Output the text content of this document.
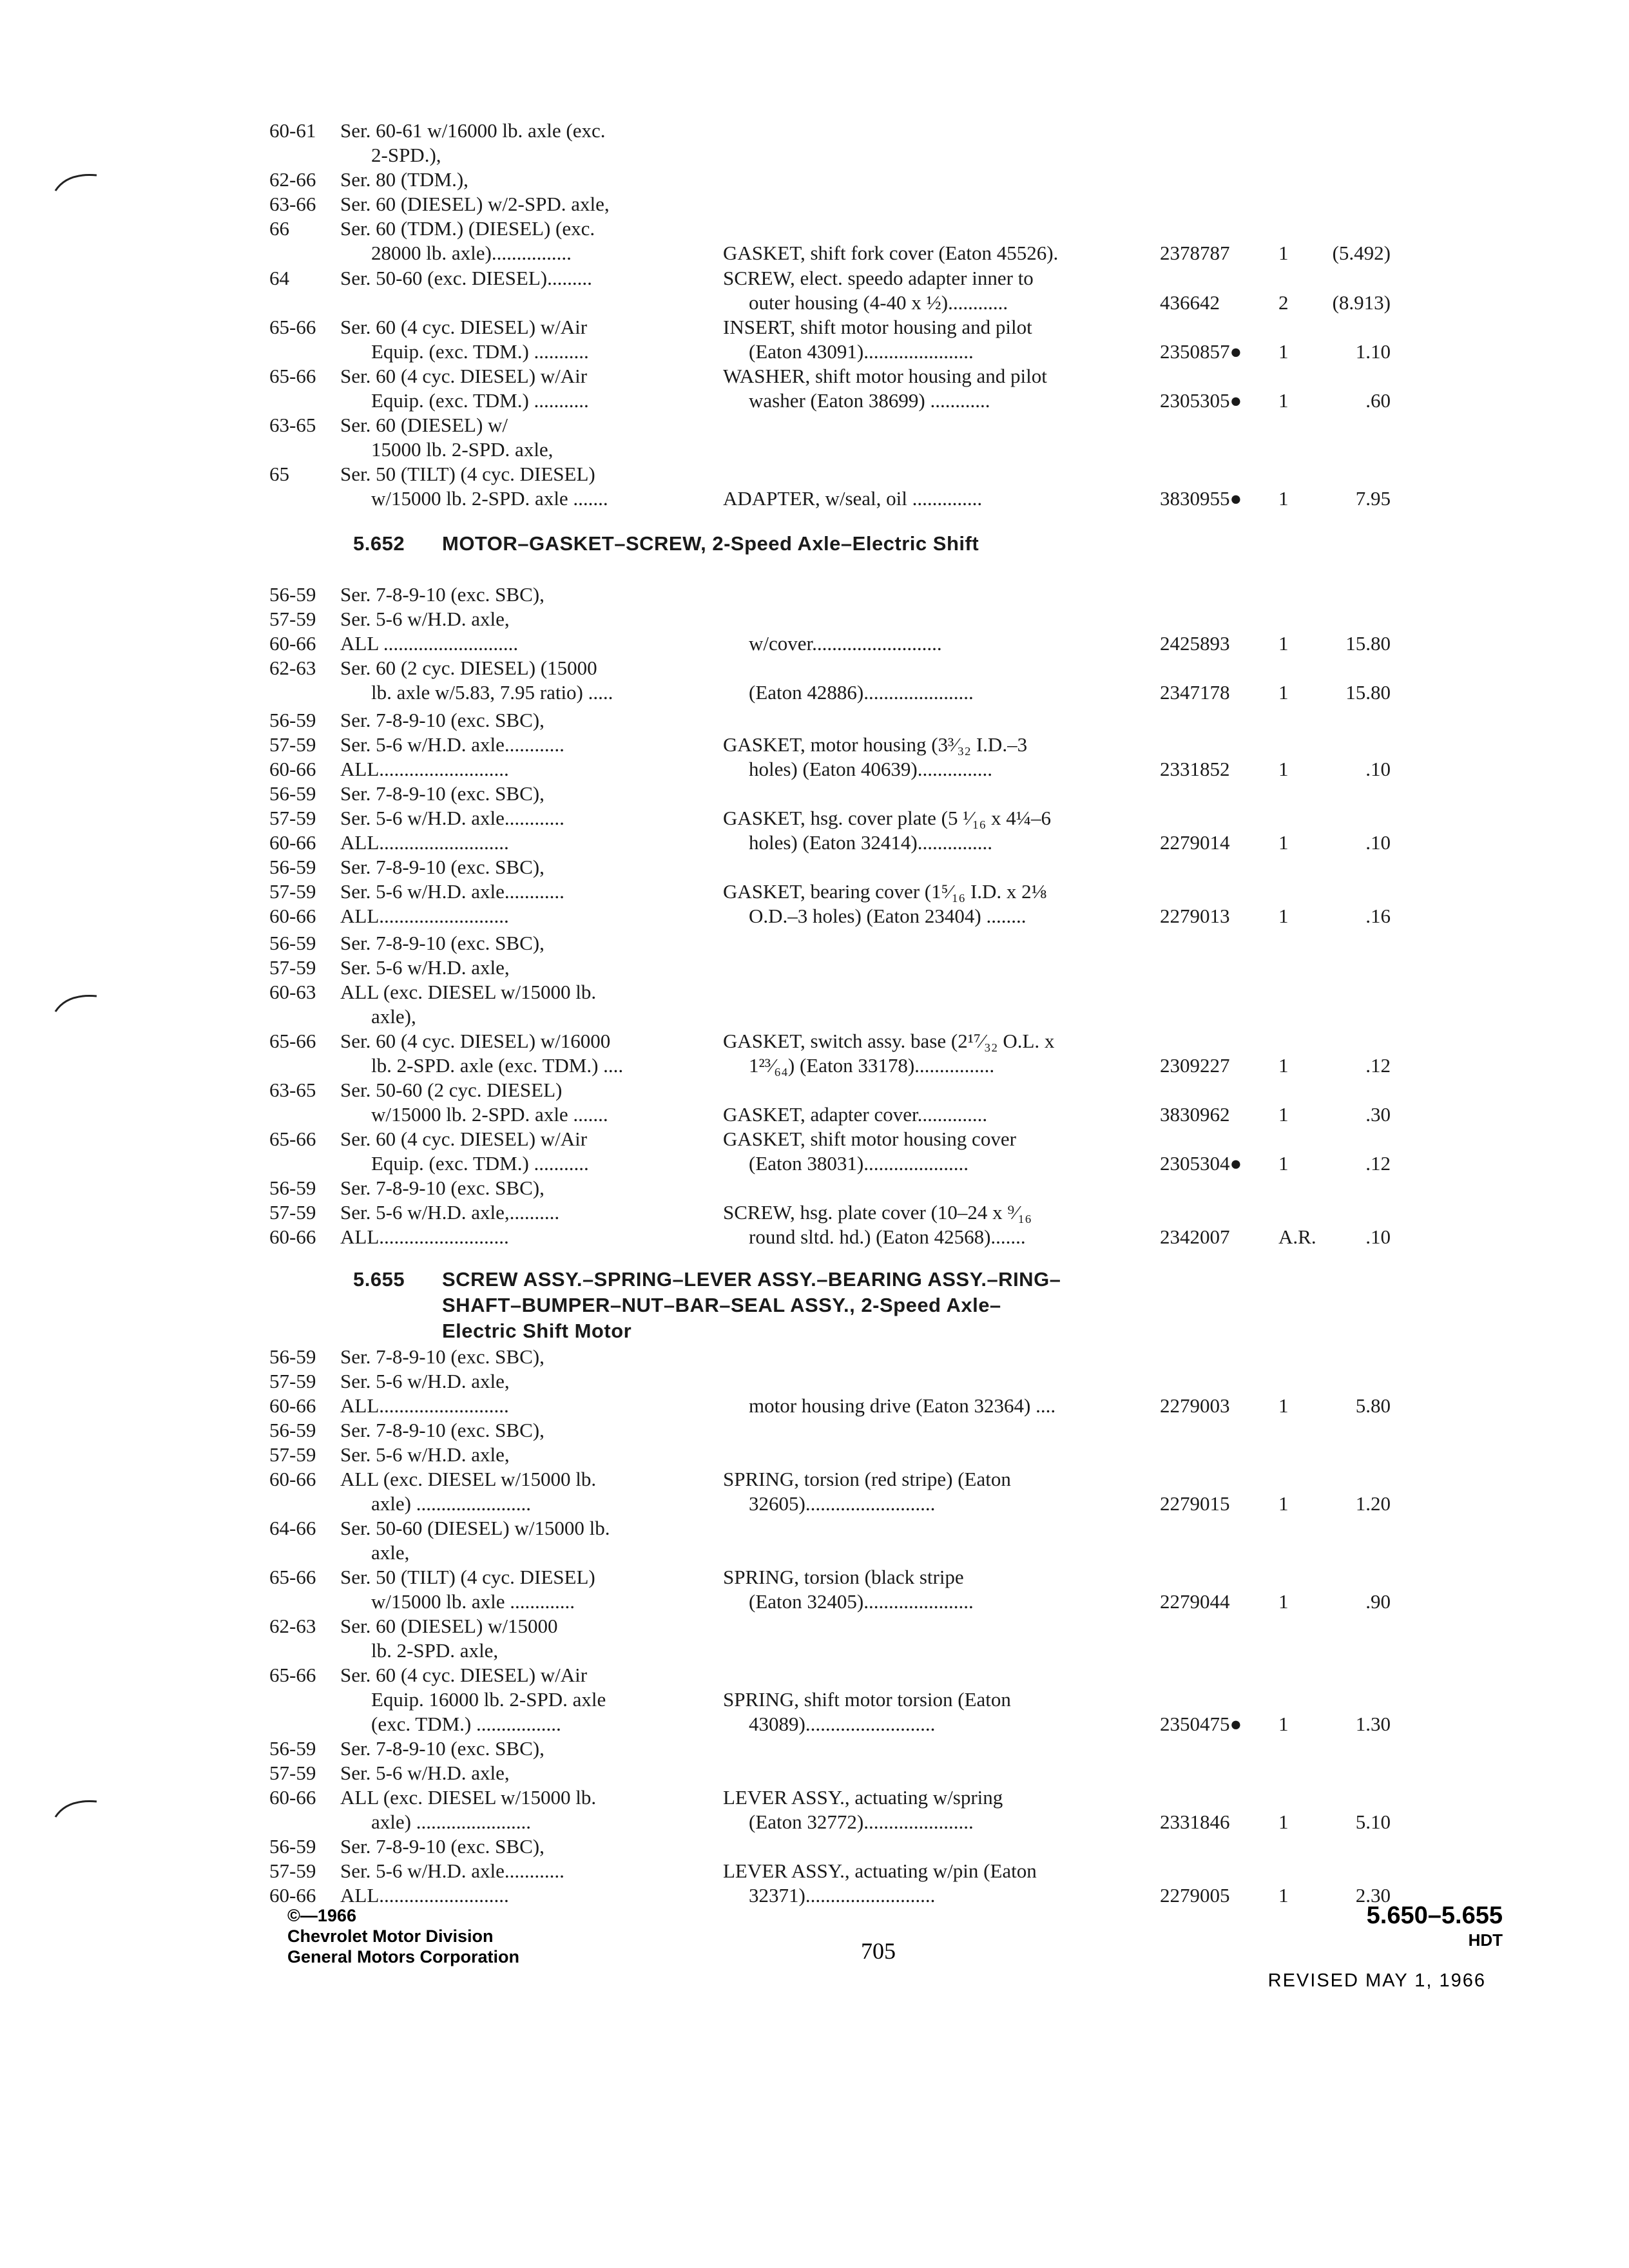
60-61 Ser. 60-61 w/16000 lb. axle (exc.
2-SPD.),
62-66 Ser. 80 (TDM.),
63-66 Ser. 60 (DIESEL) w/2-SPD. axle,
66	Ser. 60 (TDM.) (DIESEL) (exc.
28000 lb. axle)................	GASKET, shift fork cover (Eaton 45526).	2378787 1 (5.492)
64	Ser. 50-60 (exc. DIESEL).........	SCREW, elect. speedo adapter inner to
outer housing (4-40 x ½)............	436642	2 (8.913)
65-66 Ser. 60 (4 cyc. DIESEL) w/Air	INSERT, shift motor housing and pilot
Equip. (exc. TDM.) ...........	(Eaton 43091)......................	2350857● 1	1.10
65-66 Ser. 60 (4 cyc. DIESEL) w/Air	WASHER, shift motor housing and pilot
Equip. (exc. TDM.) ...........	washer (Eaton 38699) ............	2305305● 1	.60
63-65 Ser. 60 (DIESEL) w/
15000 lb. 2-SPD. axle,
65	Ser. 50 (TILT) (4 cyc. DIESEL)
w/15000 lb. 2-SPD. axle .......	ADAPTER, w/seal, oil ..............	3830955● 1	7.95
5.652 MOTOR–GASKET–SCREW, 2-Speed Axle–Electric Shift
56-59 Ser. 7-8-9-10 (exc. SBC),
57-59 Ser. 5-6 w/H.D. axle,
60-66 ALL ...........................	w/cover..........................	2425893 1	15.80
62-63 Ser. 60 (2 cyc. DIESEL) (15000
lb. axle w/5.83, 7.95 ratio) .....	(Eaton 42886)......................	2347178 1	15.80
56-59 Ser. 7-8-9-10 (exc. SBC),
57-59 Ser. 5-6 w/H.D. axle............	GASKET, motor housing (3³⁄₃₂ I.D.–3
60-66 ALL..........................	holes) (Eaton 40639)...............	2331852 1	.10
56-59 Ser. 7-8-9-10 (exc. SBC),
57-59 Ser. 5-6 w/H.D. axle............	GASKET, hsg. cover plate (5 ¹⁄₁₆ x 4¼–6
60-66 ALL..........................	holes) (Eaton 32414)...............	2279014 1	.10
56-59 Ser. 7-8-9-10 (exc. SBC),
57-59 Ser. 5-6 w/H.D. axle............	GASKET, bearing cover (1⁵⁄₁₆ I.D. x 2⅛
60-66 ALL..........................	O.D.–3 holes) (Eaton 23404) ........	2279013 1	.16
56-59 Ser. 7-8-9-10 (exc. SBC),
57-59 Ser. 5-6 w/H.D. axle,
60-63 ALL (exc. DIESEL w/15000 lb.
axle),
65-66 Ser. 60 (4 cyc. DIESEL) w/16000	GASKET, switch assy. base (2¹⁷⁄₃₂ O.L. x
lb. 2-SPD. axle (exc. TDM.) ....	1²³⁄₆₄) (Eaton 33178)................	2309227 1	.12
63-65 Ser. 50-60 (2 cyc. DIESEL)
w/15000 lb. 2-SPD. axle .......	GASKET, adapter cover..............	3830962 1	.30
65-66 Ser. 60 (4 cyc. DIESEL) w/Air	GASKET, shift motor housing cover
Equip. (exc. TDM.) ...........	(Eaton 38031).....................	2305304● 1	.12
56-59 Ser. 7-8-9-10 (exc. SBC),
57-59 Ser. 5-6 w/H.D. axle,..........	SCREW, hsg. plate cover (10–24 x ⁹⁄₁₆
60-66 ALL..........................	round sltd. hd.) (Eaton 42568).......	2342007 A.R. .10
5.655 SCREW ASSY.–SPRING–LEVER ASSY.–BEARING ASSY.–RING–
SHAFT–BUMPER–NUT–BAR–SEAL ASSY., 2-Speed Axle–
Electric Shift Motor
56-59 Ser. 7-8-9-10 (exc. SBC),
57-59 Ser. 5-6 w/H.D. axle,
60-66 ALL..........................	motor housing drive (Eaton 32364) ....	2279003 1	5.80
56-59 Ser. 7-8-9-10 (exc. SBC),
57-59 Ser. 5-6 w/H.D. axle,
60-66 ALL (exc. DIESEL w/15000 lb.	SPRING, torsion (red stripe) (Eaton
axle) .......................	32605)..........................	2279015 1	1.20
64-66 Ser. 50-60 (DIESEL) w/15000 lb.
axle,
65-66 Ser. 50 (TILT) (4 cyc. DIESEL)	SPRING, torsion (black stripe
w/15000 lb. axle .............	(Eaton 32405)......................	2279044 1	.90
62-63 Ser. 60 (DIESEL) w/15000
lb. 2-SPD. axle,
65-66 Ser. 60 (4 cyc. DIESEL) w/Air
Equip. 16000 lb. 2-SPD. axle	SPRING, shift motor torsion (Eaton
(exc. TDM.) .................	43089)..........................	2350475● 1	1.30
56-59 Ser. 7-8-9-10 (exc. SBC),
57-59 Ser. 5-6 w/H.D. axle,
60-66 ALL (exc. DIESEL w/15000 lb.	LEVER ASSY., actuating w/spring
axle) .......................	(Eaton 32772)......................	2331846 1	5.10
56-59 Ser. 7-8-9-10 (exc. SBC),
57-59 Ser. 5-6 w/H.D. axle............	LEVER ASSY., actuating w/pin (Eaton
60-66 ALL..........................	32371)..........................	2279005 1	2.30
©—1966
Chevrolet Motor Division
General Motors Corporation	705
5.650–5.655
HDT
REVISED MAY 1, 1966
